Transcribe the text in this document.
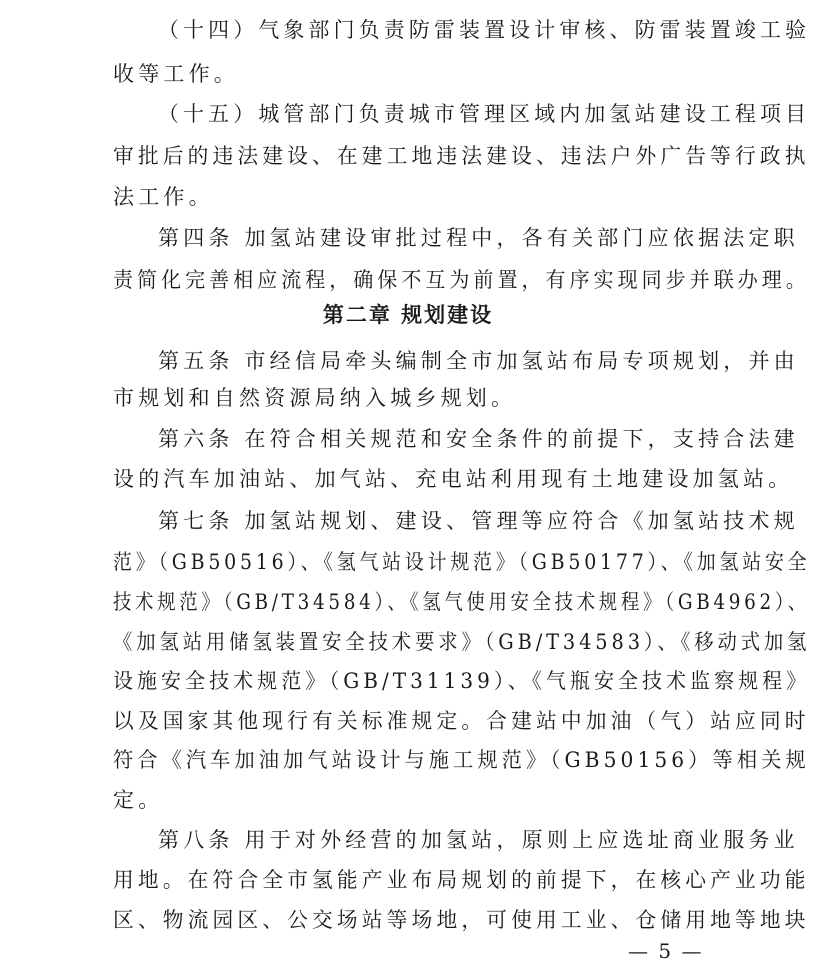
（十四）气象部门负责防雷装置设计审核、防雷装置竣工验
收等工作。
（十五）城管部门负责城市管理区域内加氢站建设工程项目
审批后的违法建设、在建工地违法建设、违法户外广告等行政执
法工作。
第四条 加氢站建设审批过程中，各有关部门应依据法定职
责简化完善相应流程，确保不互为前置，有序实现同步并联办理。
第二章 规划建设
第五条 市经信局牵头编制全市加氢站布局专项规划，并由
市规划和自然资源局纳入城乡规划。
第六条 在符合相关规范和安全条件的前提下，支持合法建
设的汽车加油站、加气站、充电站利用现有土地建设加氢站。
第七条 加氢站规划、建设、管理等应符合《加氢站技术规
范》（GB50516）、《氢气站设计规范》（GB50177）、《加氢站安全
技术规范》（GB/T34584）、《氢气使用安全技术规程》（GB4962）、
《加氢站用储氢装置安全技术要求》（GB/T34583）、《移动式加氢
设施安全技术规范》（GB/T31139）、《气瓶安全技术监察规程》
以及国家其他现行有关标准规定。合建站中加油（气）站应同时
符合《汽车加油加气站设计与施工规范》（GB50156）等相关规
定。
第八条 用于对外经营的加氢站，原则上应选址商业服务业
用地。在符合全市氢能产业布局规划的前提下，在核心产业功能
区、物流园区、公交场站等场地，可使用工业、仓储用地等地块
— 5 —
